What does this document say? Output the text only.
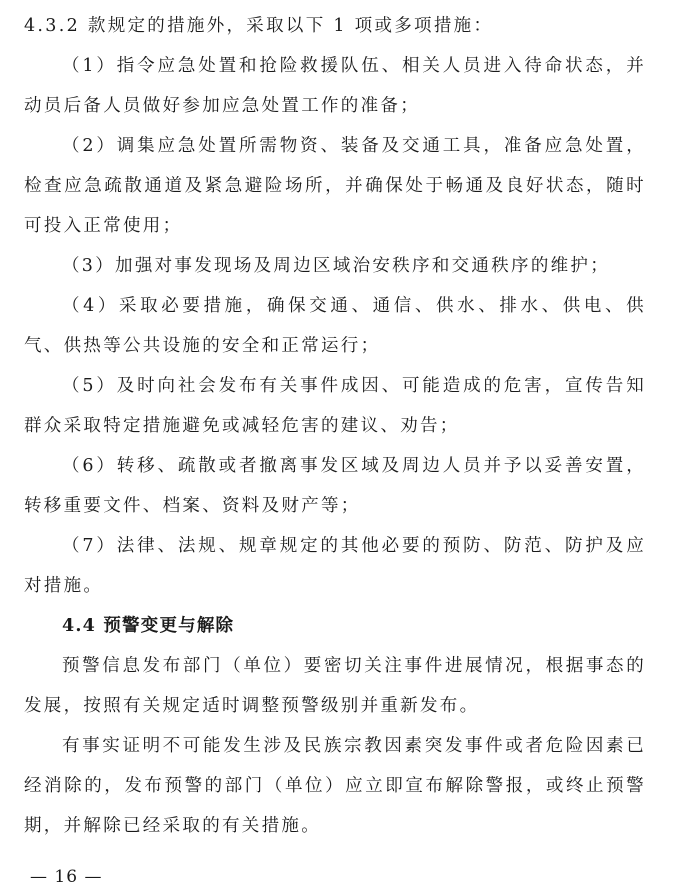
4.3.2 款规定的措施外，采取以下 1 项或多项措施：

（1）指令应急处置和抢险救援队伍、相关人员进入待命状态，并动员后备人员做好参加应急处置工作的准备；

（2）调集应急处置所需物资、装备及交通工具，准备应急处置，检查应急疏散通道及紧急避险场所，并确保处于畅通及良好状态，随时可投入正常使用；

（3）加强对事发现场及周边区域治安秩序和交通秩序的维护；

（4）采取必要措施，确保交通、通信、供水、排水、供电、供气、供热等公共设施的安全和正常运行；

（5）及时向社会发布有关事件成因、可能造成的危害，宣传告知群众采取特定措施避免或减轻危害的建议、劝告；

（6）转移、疏散或者撤离事发区域及周边人员并予以妥善安置，转移重要文件、档案、资料及财产等；

（7）法律、法规、规章规定的其他必要的预防、防范、防护及应对措施。

4.4 预警变更与解除

预警信息发布部门（单位）要密切关注事件进展情况，根据事态的发展，按照有关规定适时调整预警级别并重新发布。

有事实证明不可能发生涉及民族宗教因素突发事件或者危险因素已经消除的，发布预警的部门（单位）应立即宣布解除警报，或终止预警期，并解除已经采取的有关措施。

— 16 —
